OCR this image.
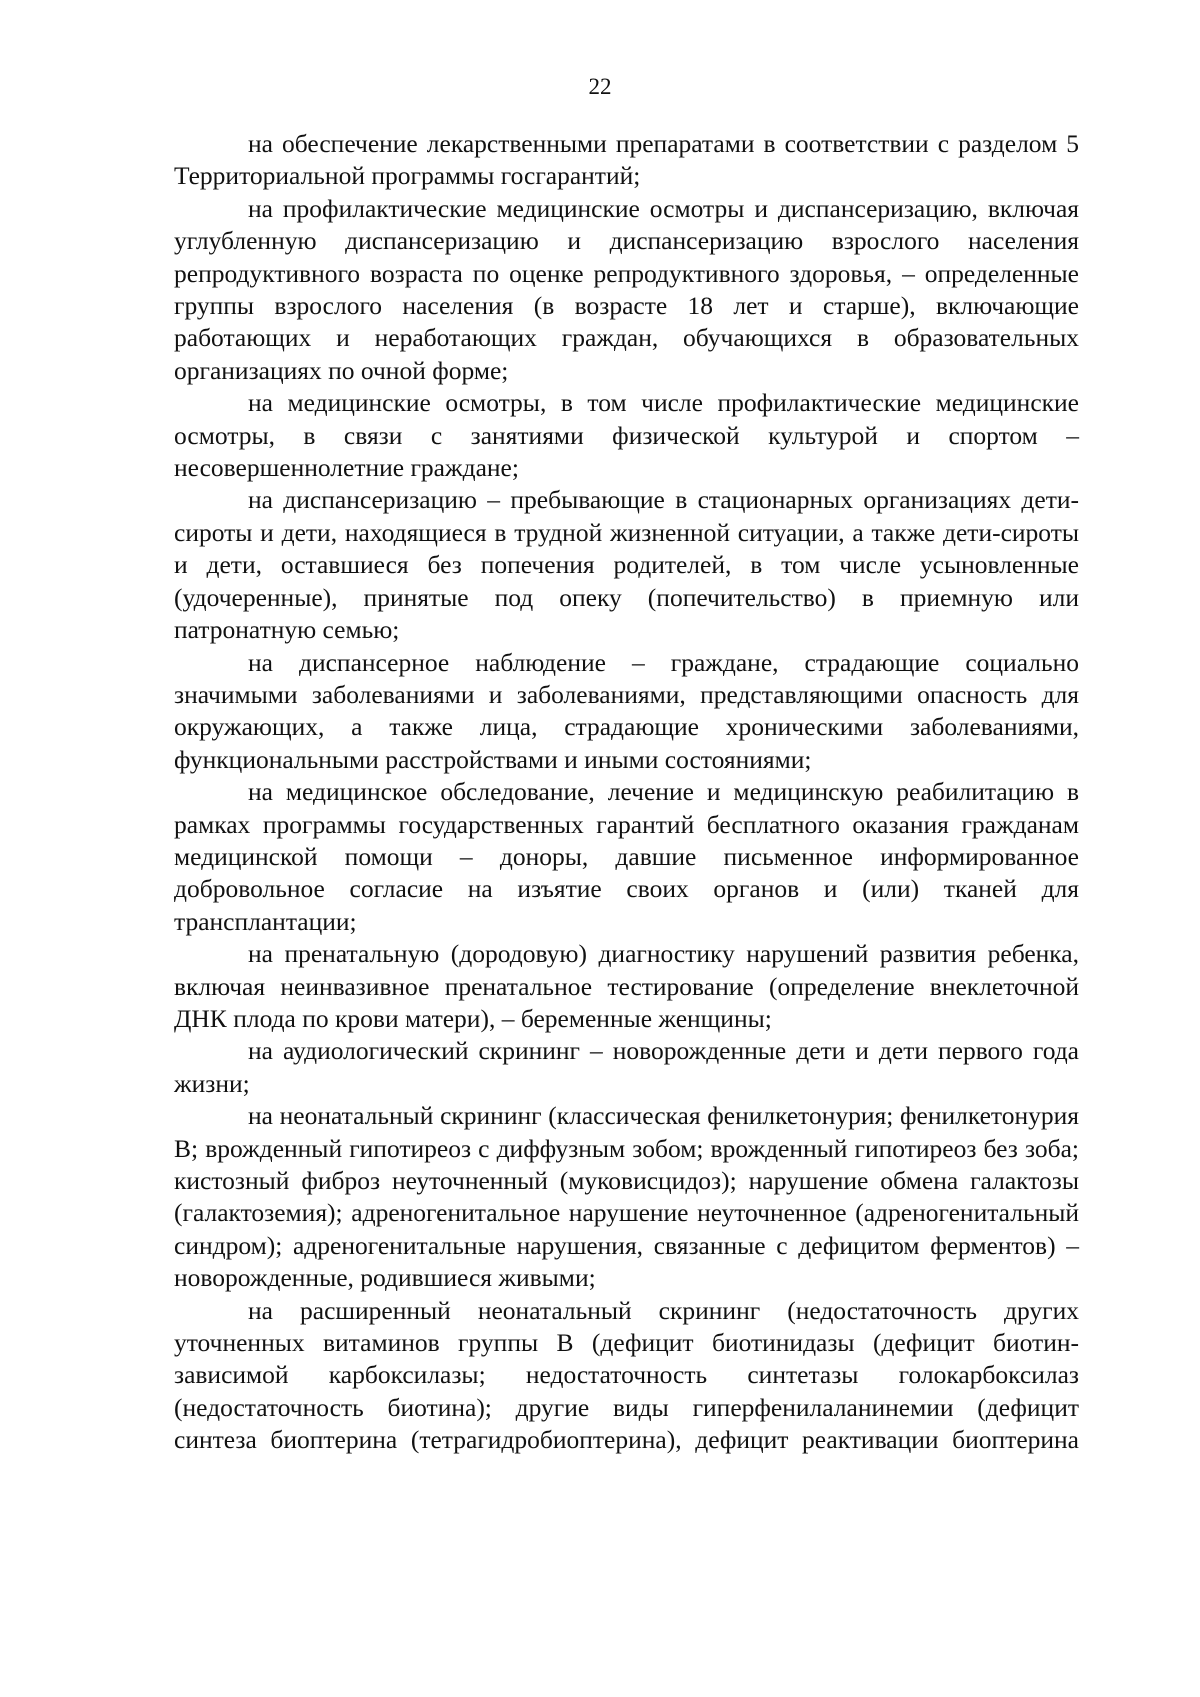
22

на обеспечение лекарственными препаратами в соответствии с разделом 5 Территориальной программы госгарантий;

на профилактические медицинские осмотры и диспансеризацию, включая углубленную диспансеризацию и диспансеризацию взрослого населения репродуктивного возраста по оценке репродуктивного здоровья, – определенные группы взрослого населения (в возрасте 18 лет и старше), включающие работающих и неработающих граждан, обучающихся в образовательных организациях по очной форме;

на медицинские осмотры, в том числе профилактические медицинские осмотры, в связи с занятиями физической культурой и спортом – несовершеннолетние граждане;

на диспансеризацию – пребывающие в стационарных организациях дети-сироты и дети, находящиеся в трудной жизненной ситуации, а также дети-сироты и дети, оставшиеся без попечения родителей, в том числе усыновленные (удочеренные), принятые под опеку (попечительство) в приемную или патронатную семью;

на диспансерное наблюдение – граждане, страдающие социально значимыми заболеваниями и заболеваниями, представляющими опасность для окружающих, а также лица, страдающие хроническими заболеваниями, функциональными расстройствами и иными состояниями;

на медицинское обследование, лечение и медицинскую реабилитацию в рамках программы государственных гарантий бесплатного оказания гражданам медицинской помощи – доноры, давшие письменное информированное добровольное согласие на изъятие своих органов и (или) тканей для трансплантации;

на пренатальную (дородовую) диагностику нарушений развития ребенка, включая неинвазивное пренатальное тестирование (определение внеклеточной ДНК плода по крови матери), – беременные женщины;

на аудиологический скрининг – новорожденные дети и дети первого года жизни;

на неонатальный скрининг (классическая фенилкетонурия; фенилкетонурия B; врожденный гипотиреоз с диффузным зобом; врожденный гипотиреоз без зоба; кистозный фиброз неуточненный (муковисцидоз); нарушение обмена галактозы (галактоземия); адреногенитальное нарушение неуточненное (адреногенитальный синдром); адреногенитальные нарушения, связанные с дефицитом ферментов) – новорожденные, родившиеся живыми;

на расширенный неонатальный скрининг (недостаточность других уточненных витаминов группы В (дефицит биотинидазы (дефицит биотин-зависимой карбоксилазы; недостаточность синтетазы голокарбоксилаз (недостаточность биотина); другие виды гиперфенилаланинемии (дефицит синтеза биоптерина (тетрагидробиоптерина), дефицит реактивации биоптерина
